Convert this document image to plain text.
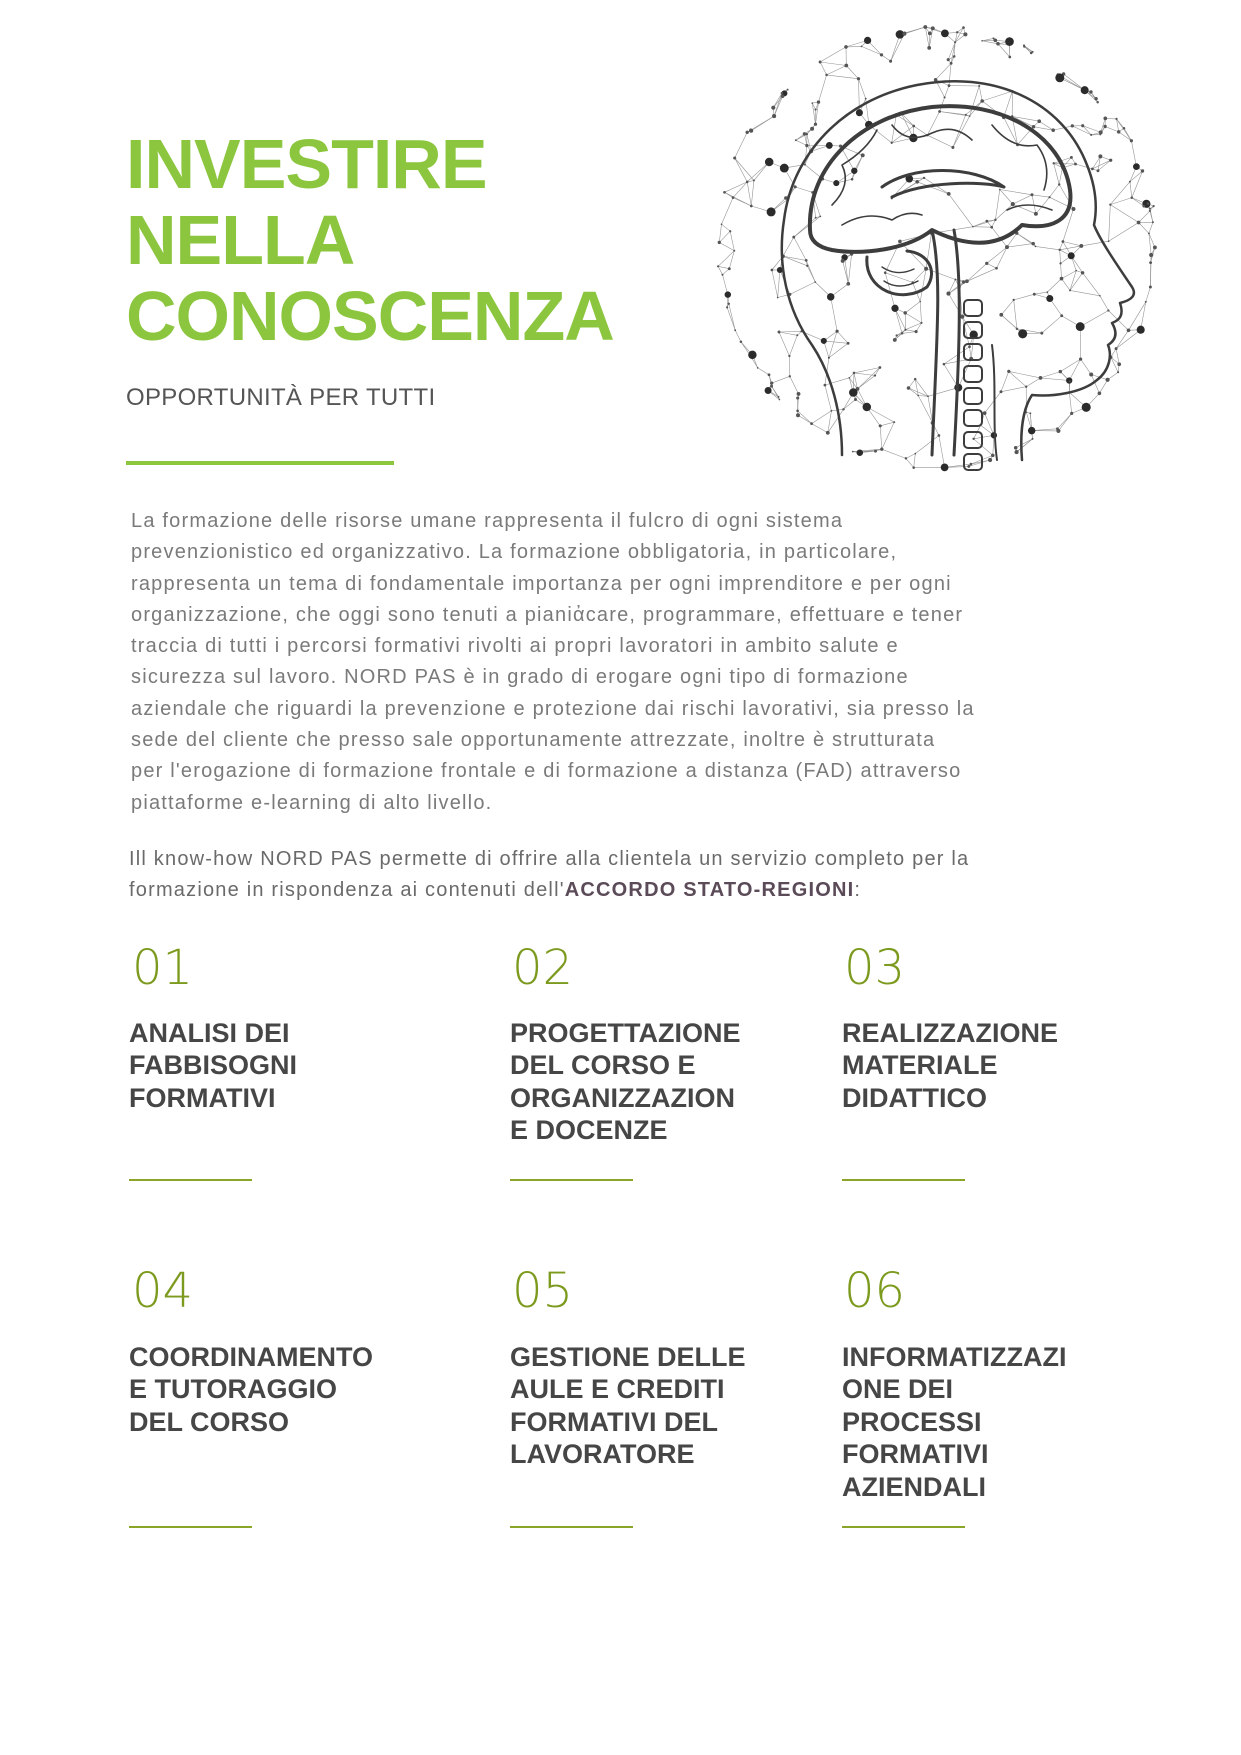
INVESTIRE
NELLA
CONOSCENZA
OPPORTUNITÀ PER TUTTI
La formazione delle risorse umane rappresenta il fulcro di ogni sistema
prevenzionistico ed organizzativo. La formazione obbligatoria, in particolare,
rappresenta un tema di fondamentale importanza per ogni imprenditore e per ogni
organizzazione, che oggi sono tenuti a pianiἀcare, programmare, effettuare e tener
traccia di tutti i percorsi formativi rivolti ai propri lavoratori in ambito salute e
sicurezza sul lavoro. NORD PAS è in grado di erogare ogni tipo di formazione
aziendale che riguardi la prevenzione e protezione dai rischi lavorativi, sia presso la
sede del cliente che presso sale opportunamente attrezzate, inoltre è strutturata
per l'erogazione di formazione frontale e di formazione a distanza (FAD) attraverso
piattaforme e-learning di alto livello.
Ill know-how NORD PAS permette di offrire alla clientela un servizio completo per la
formazione in rispondenza ai contenuti dell'ACCORDO STATO-REGIONI:
01
ANALISI DEI
FABBISOGNI
FORMATIVI
02
PROGETTAZIONE
DEL CORSO E
ORGANIZZAZION
E DOCENZE
03
REALIZZAZIONE
MATERIALE
DIDATTICO
04
COORDINAMENTO
E TUTORAGGIO
DEL CORSO
05
GESTIONE DELLE
AULE E CREDITI
FORMATIVI DEL
LAVORATORE
06
INFORMATIZZAZI
ONE DEI
PROCESSI
FORMATIVI
AZIENDALI
